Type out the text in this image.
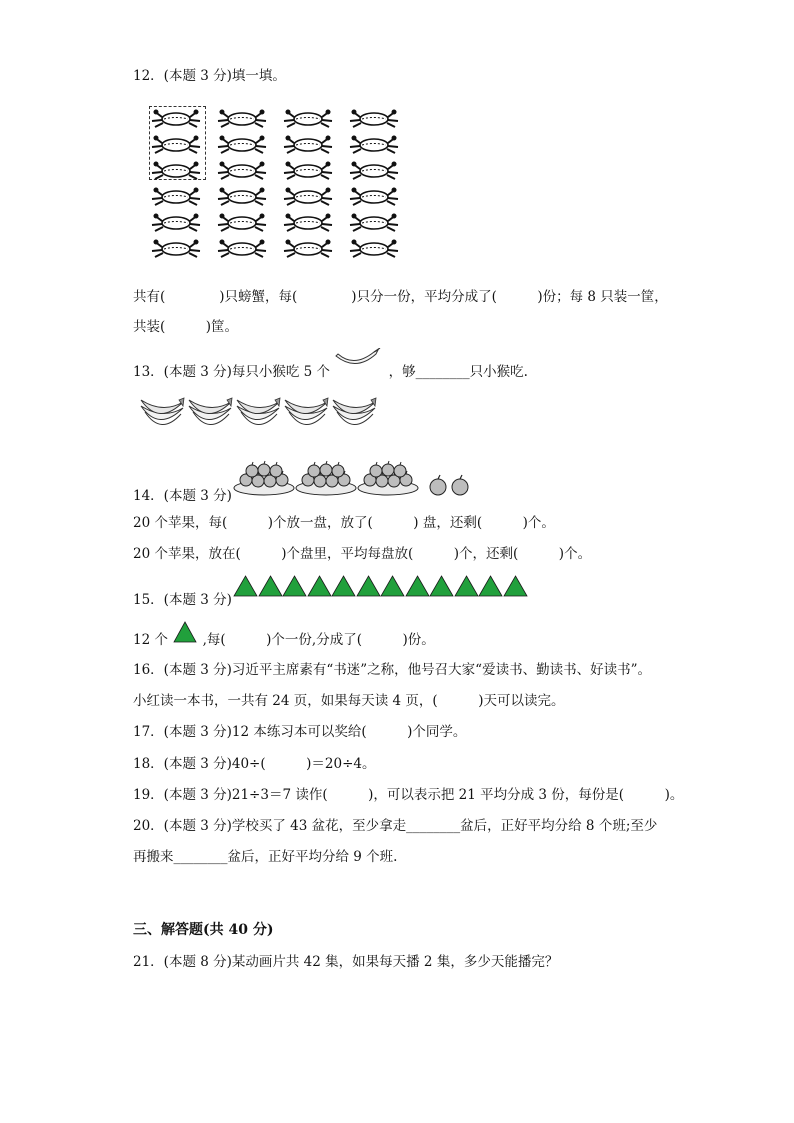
12．(本题 3 分)填一填。
共有(　　　　)只螃蟹，每(　　　　)只分一份，平均分成了(　　　)份；每 8 只装一筐，
共装(　　　)筐。
13．(本题 3 分)每只小猴吃 5 个	，够________只小猴吃.
14．(本题 3 分)
20 个苹果，每(　　　)个放一盘，放了(　　　) 盘，还剩(　　　)个。
20 个苹果，放在(　　　)个盘里，平均每盘放(　　　)个，还剩(　　　)个。
15．(本题 3 分)
12 个	,每(　　　)个一份,分成了(　　　)份。
16．(本题 3 分)习近平主席素有“书迷”之称，他号召大家“爱读书、勤读书、好读书”。
小红读一本书，一共有 24 页，如果每天读 4 页，(　　　)天可以读完。
17．(本题 3 分)12 本练习本可以奖给(　　　)个同学。
18．(本题 3 分)40÷(　　　)＝20÷4。
19．(本题 3 分)21÷3＝7 读作(　　　)，可以表示把 21 平均分成 3 份，每份是(　　　)。
20．(本题 3 分)学校买了 43 盆花，至少拿走________盆后，正好平均分给 8 个班;至少
再搬来________盆后，正好平均分给 9 个班.
三、解答题(共 40 分)
21．(本题 8 分)某动画片共 42 集，如果每天播 2 集，多少天能播完？
